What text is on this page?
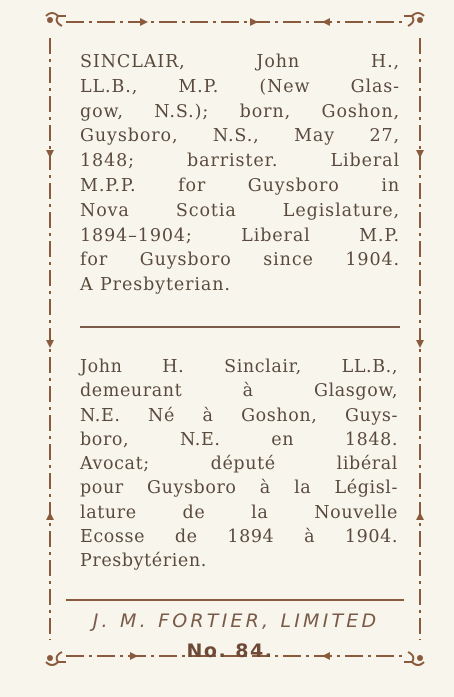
SINCLAIR, John H.,
LL.B., M.P. (New Glas-
gow, N.S.); born, Goshon,
Guysboro, N.S., May 27,
1848; barrister. Liberal
M.P.P. for Guysboro in
Nova Scotia Legislature,
1894–1904; Liberal M.P.
for Guysboro since 1904.
A Presbyterian.
John H. Sinclair, LL.B.,
demeurant à Glasgow,
N.E. Né à Goshon, Guys-
boro, N.E. en 1848.
Avocat; député libéral
pour Guysboro à la Législ-
lature de la Nouvelle
Ecosse de 1894 à 1904.
Presbytérien.
J. M. FORTIER, LIMITED
No. 84.
